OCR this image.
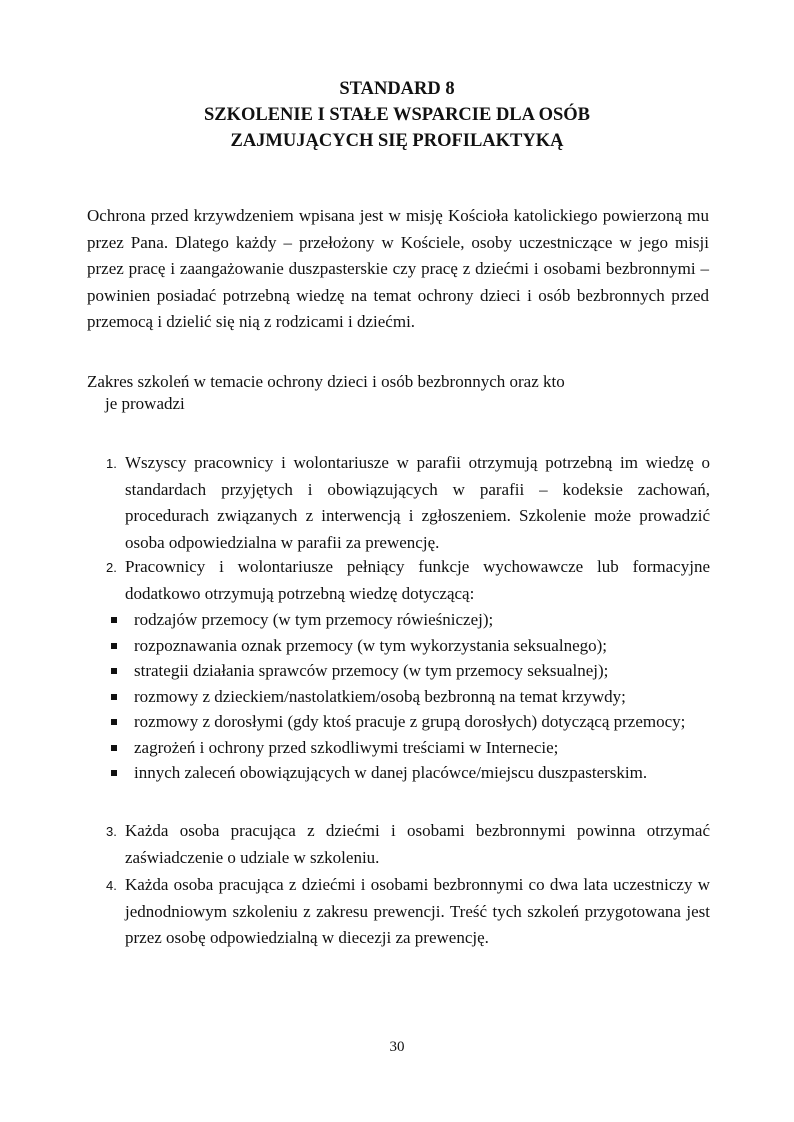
STANDARD 8
SZKOLENIE I STAŁE WSPARCIE DLA OSÓB
ZAJMUJĄCYCH SIĘ PROFILAKTYKĄ

Ochrona przed krzywdzeniem wpisana jest w misję Kościoła katolickiego powierzoną mu przez Pana. Dlatego każdy – przełożony w Kościele, osoby uczestniczące w jego misji przez pracę i zaangażowanie duszpasterskie czy pracę z dziećmi i osobami bezbronnymi – powinien posiadać potrzebną wiedzę na temat ochrony dzieci i osób bezbronnych przed przemocą i dzielić się nią z rodzicami i dziećmi.

Zakres szkoleń w temacie ochrony dzieci i osób bezbronnych oraz kto
je prowadzi

1. Wszyscy pracownicy i wolontariusze w parafii otrzymują potrzebną im wiedzę o standardach przyjętych i obowiązujących w parafii – kodeksie zachowań, procedurach związanych z interwencją i zgłoszeniem. Szkolenie może prowadzić osoba odpowiedzialna w parafii za prewencję.
2. Pracownicy i wolontariusze pełniący funkcje wychowawcze lub formacyjne dodatkowo otrzymują potrzebną wiedzę dotyczącą:
rodzajów przemocy (w tym przemocy rówieśniczej);
rozpoznawania oznak przemocy (w tym wykorzystania seksualnego);
strategii działania sprawców przemocy (w tym przemocy seksualnej);
rozmowy z dzieckiem/nastolatkiem/osobą bezbronną na temat krzywdy;
rozmowy z dorosłymi (gdy ktoś pracuje z grupą dorosłych) dotyczącą przemocy;
zagrożeń i ochrony przed szkodliwymi treściami w Internecie;
innych zaleceń obowiązujących w danej placówce/miejscu duszpasterskim.
3. Każda osoba pracująca z dziećmi i osobami bezbronnymi powinna otrzymać zaświadczenie o udziale w szkoleniu.
4. Każda osoba pracująca z dziećmi i osobami bezbronnymi co dwa lata uczestniczy w jednodniowym szkoleniu z zakresu prewencji. Treść tych szkoleń przygotowana jest przez osobę odpowiedzialną w diecezji za prewencję.
30
